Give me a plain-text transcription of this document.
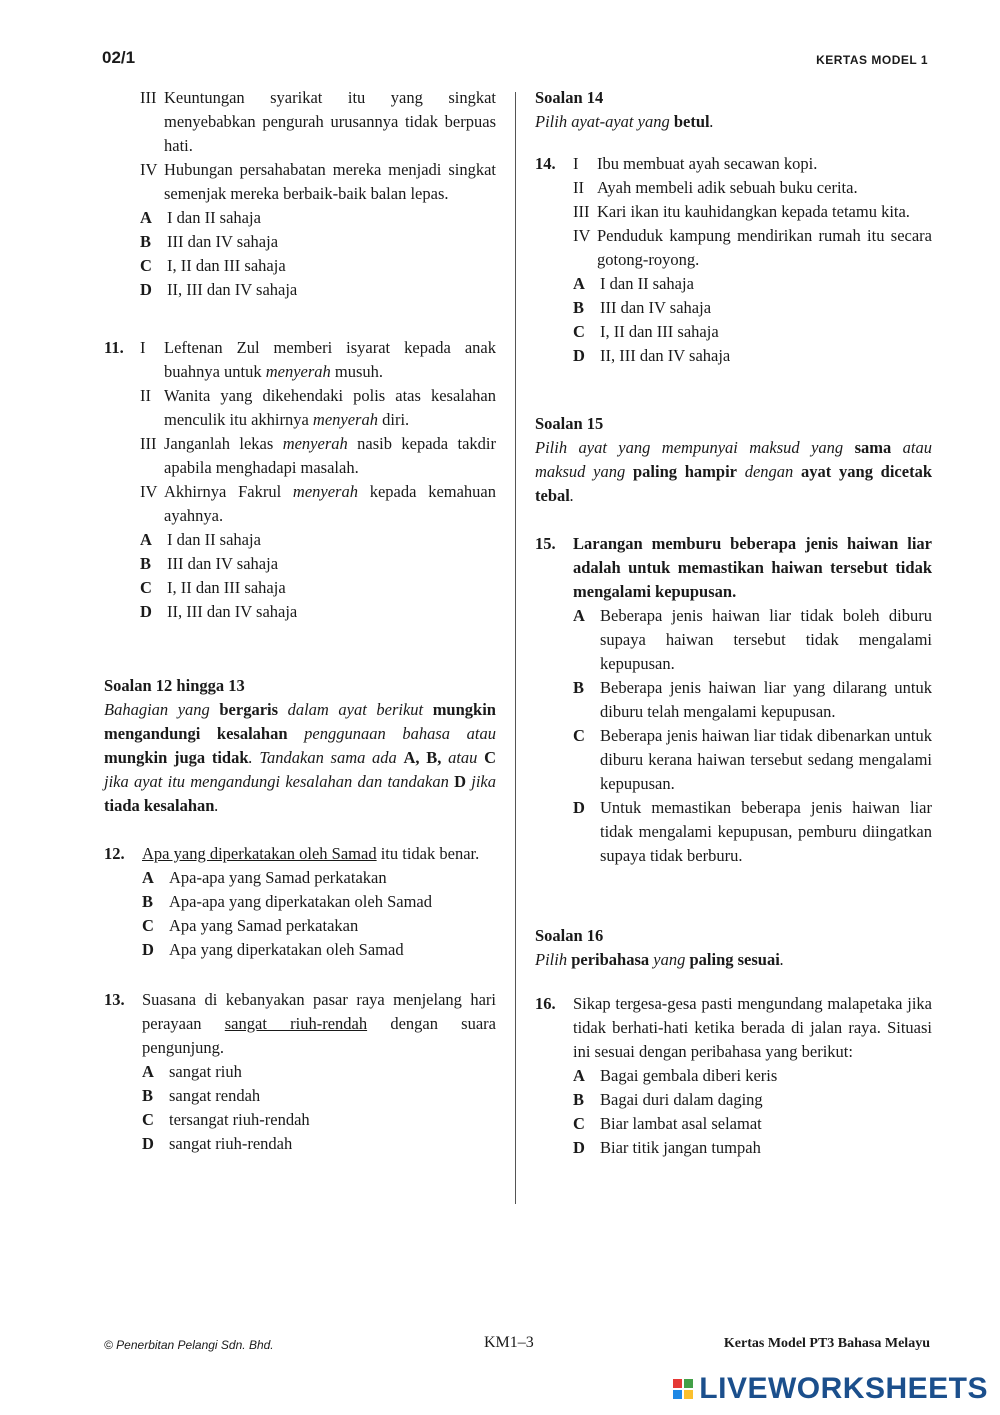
02/1	KERTAS MODEL 1
III Keuntungan syarikat itu yang singkat menyebabkan pengurah urusannya tidak berpuas hati.
IV Hubungan persahabatan mereka menjadi singkat semenjak mereka berbaik-baik balan lepas.
A I dan II sahaja
B III dan IV sahaja
C I, II dan III sahaja
D II, III dan IV sahaja
11. I	Leftenan Zul memberi isyarat kepada anak buahnya untuk menyerah musuh.
II Wanita yang dikehendaki polis atas kesalahan menculik itu akhirnya menyerah diri.
III Janganlah lekas menyerah nasib kepada takdir apabila menghadapi masalah.
IV Akhirnya Fakrul menyerah kepada kemahuan ayahnya.
A I dan II sahaja
B III dan IV sahaja
C I, II dan III sahaja
D II, III dan IV sahaja
Soalan 12 hingga 13
Bahagian yang bergaris dalam ayat berikut mungkin mengandungi kesalahan penggunaan bahasa atau mungkin juga tidak. Tandakan sama ada A, B, atau C jika ayat itu mengandungi kesalahan dan tandakan D jika tiada kesalahan.
12.	Apa yang diperkatakan oleh Samad itu tidak benar.
A Apa-apa yang Samad perkatakan
B Apa-apa yang diperkatakan oleh Samad
C Apa yang Samad perkatakan
D Apa yang diperkatakan oleh Samad
13.	Suasana di kebanyakan pasar raya menjelang hari perayaan sangat riuh-rendah dengan suara pengunjung.
A sangat riuh
B sangat rendah
C tersangat riuh-rendah
D sangat riuh-rendah
Soalan 14
Pilih ayat-ayat yang betul.
14.	I	Ibu membuat ayah secawan kopi.
II Ayah membeli adik sebuah buku cerita.
III Kari ikan itu kauhidangkan kepada tetamu kita.
IV Penduduk kampung mendirikan rumah itu secara gotong-royong.
A I dan II sahaja
B III dan IV sahaja
C I, II dan III sahaja
D II, III dan IV sahaja
Soalan 15
Pilih ayat yang mempunyai maksud yang sama atau maksud yang paling hampir dengan ayat yang dicetak tebal.
15.	Larangan memburu beberapa jenis haiwan liar adalah untuk memastikan haiwan tersebut tidak mengalami kepupusan.
A Beberapa jenis haiwan liar tidak boleh diburu supaya haiwan tersebut tidak mengalami kepupusan.
B Beberapa jenis haiwan liar yang dilarang untuk diburu telah mengalami kepupusan.
C Beberapa jenis haiwan liar tidak dibenarkan untuk diburu kerana haiwan tersebut sedang mengalami kepupusan.
D Untuk memastikan beberapa jenis haiwan liar tidak mengalami kepupusan, pemburu diingatkan supaya tidak berburu.
Soalan 16
Pilih peribahasa yang paling sesuai.
16.	Sikap tergesa-gesa pasti mengundang malapetaka jika tidak berhati-hati ketika berada di jalan raya. Situasi ini sesuai dengan peribahasa yang berikut:
A Bagai gembala diberi keris
B Bagai duri dalam daging
C Biar lambat asal selamat
D Biar titik jangan tumpah
© Penerbitan Pelangi Sdn. Bhd.	KM1–3	Kertas Model PT3 Bahasa Melayu
LIVEWORKSHEETS
